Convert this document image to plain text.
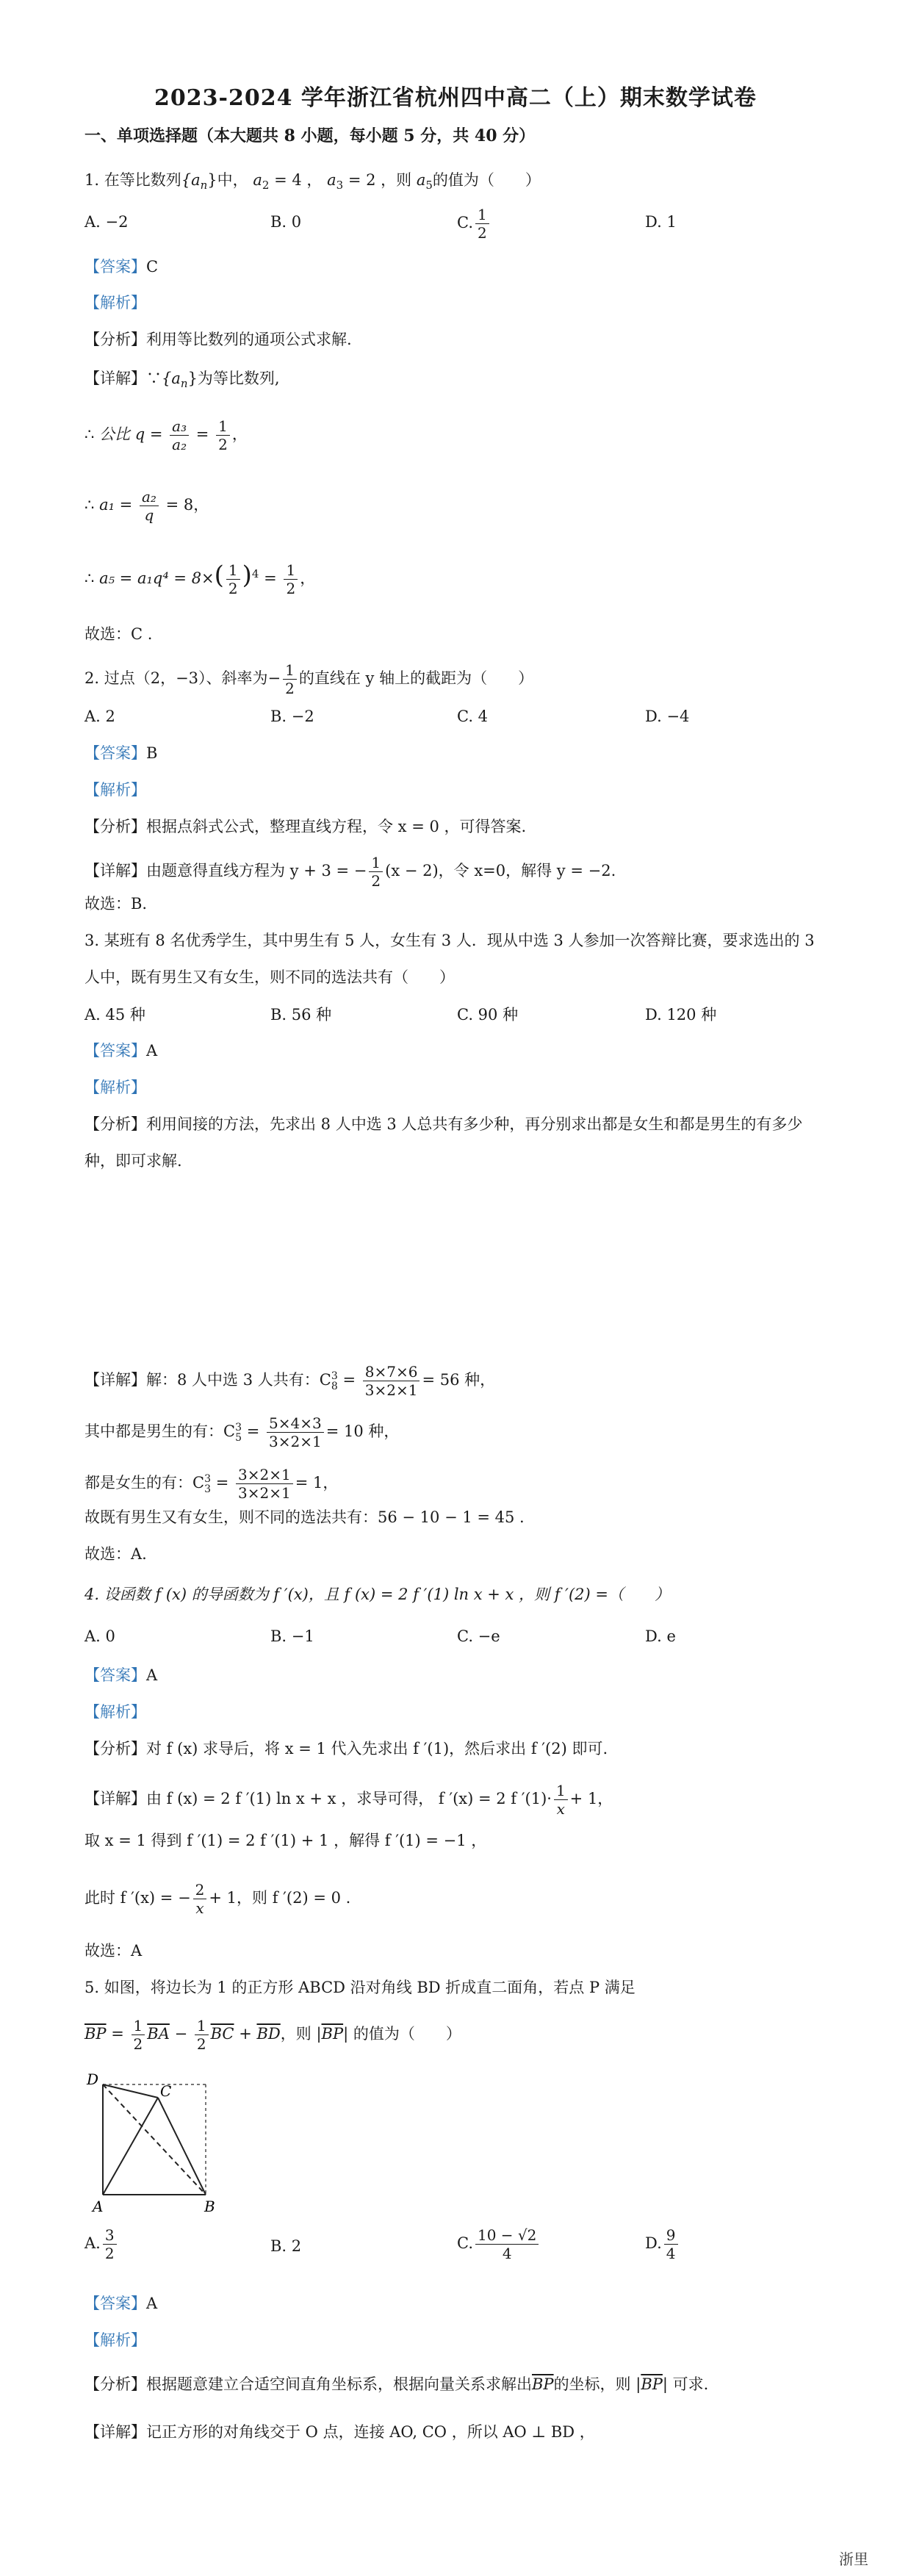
2023-2024 学年浙江省杭州四中高二（上）期末数学试卷
一、单项选择题（本大题共 8 小题，每小题 5 分，共 40 分）
1. 在等比数列$\{a_n\}$中， $a_2 = 4$ ， $a_3 = 2$ ，则 $a_5$的值为（　　）
A. −2	B. 0	C. $\frac{1}{2}$	D. 1
【答案】C
【解析】
【分析】利用等比数列的通项公式求解.
【详解】$\because\{a_n\}$为等比数列,
∴ 公比 $q = \frac{\text{a₃}}{\text{a₂}} = \frac{1}{2}$ ，
∴ $a_1 = \frac{\text{a₂}}{q} = 8$，
∴ $a_5 = a_1q^4 = 8\times( \frac{1}{2} )^4 = \frac{1}{2}$ ，
故选：C .
2. 过点（2，−3）、斜率为− $\frac{1}{2}$ 的直线在 y 轴上的截距为（　　）
A. 2	B. −2	C. 4	D. −4
【答案】B
【解析】
【分析】根据点斜式公式，整理直线方程，令 x = 0 ，可得答案.
【详解】由题意得直线方程为 y + 3 = − $\frac{1}{2} (x - 2)$，令 x=0，解得 y = −2.
故选：B.
3. 某班有 8 名优秀学生，其中男生有 5 人，女生有 3 人．现从中选 3 人参加一次答辩比赛，要求选出的 3
人中，既有男生又有女生，则不同的选法共有（　　）
A. 45 种	B. 56 种	C. 90 种	D. 120 种
【答案】A
【解析】
【分析】利用间接的方法，先求出 8 人中选 3 人总共有多少种，再分别求出都是女生和都是男生的有多少
种，即可求解.
【详解】解：8 人中选 3 人共有：C 3
$8 = \frac{8\times 7\times 6}{3\times 2\times 1} = 56$ 种，
其中都是男生的有：C 3
$5 = \frac{5\times 4\times 3}{3\times 2\times 1} = 10$ 种，
都是女生的有：C 3
$3 = \frac{3\times 2\times 1}{3\times 2\times 1} = 1$，
故既有男生又有女生，则不同的选法共有：56 − 10 − 1 = 45 .
故选：A.
4. 设函数 f (x) 的导函数为 f ′(x)，且 f (x) = 2 f ′(1) ln x + x ，则 f ′(2) =（　　）
A. 0	B. −1	C. −e	D. e
【答案】A
【解析】
【分析】对 f (x) 求导后，将 x = 1 代入先求出 f ′(1)，然后求出 f ′(2) 即可.
【详解】由 f (x) = 2 f ′(1) ln x + x ，求导可得， f ′(x) = 2 f $'(1)\cdot \frac{1}{x} + 1$，
取 x = 1 得到 f ′(1) = 2 f ′(1) + 1 ，解得 f ′(1) = −1 ，
此时 f ′(x) = − $\frac{2}{x} + 1$，则 f ′(2) = 0 .
故选：A
5. 如图，将边长为 1 的正方形 ABCD 沿对角线 BD 折成直二面角，若点 P 满足
$\overline{BP} = \frac{1}{2} \overline{BA} - \frac{1}{2} \overline{BC} + \overline{BD}$，则 $|\overline{BP}|$ 的值为（　　）
D
C
A	B
A. $\frac{3}{2}$	B. 2	C. $\frac{10 - √2}{4}$	D. $\frac{9}{4}$
【答案】A
【解析】
【分析】根据题意建立合适空间直角坐标系，根据向量关系求解出$\overline{BP}$的坐标，则 $|\overline{BP}|$ 可求.
【详解】记正方形的对角线交于 O 点，连接 AO, CO ，所以 AO ⊥ BD ，
浙里
